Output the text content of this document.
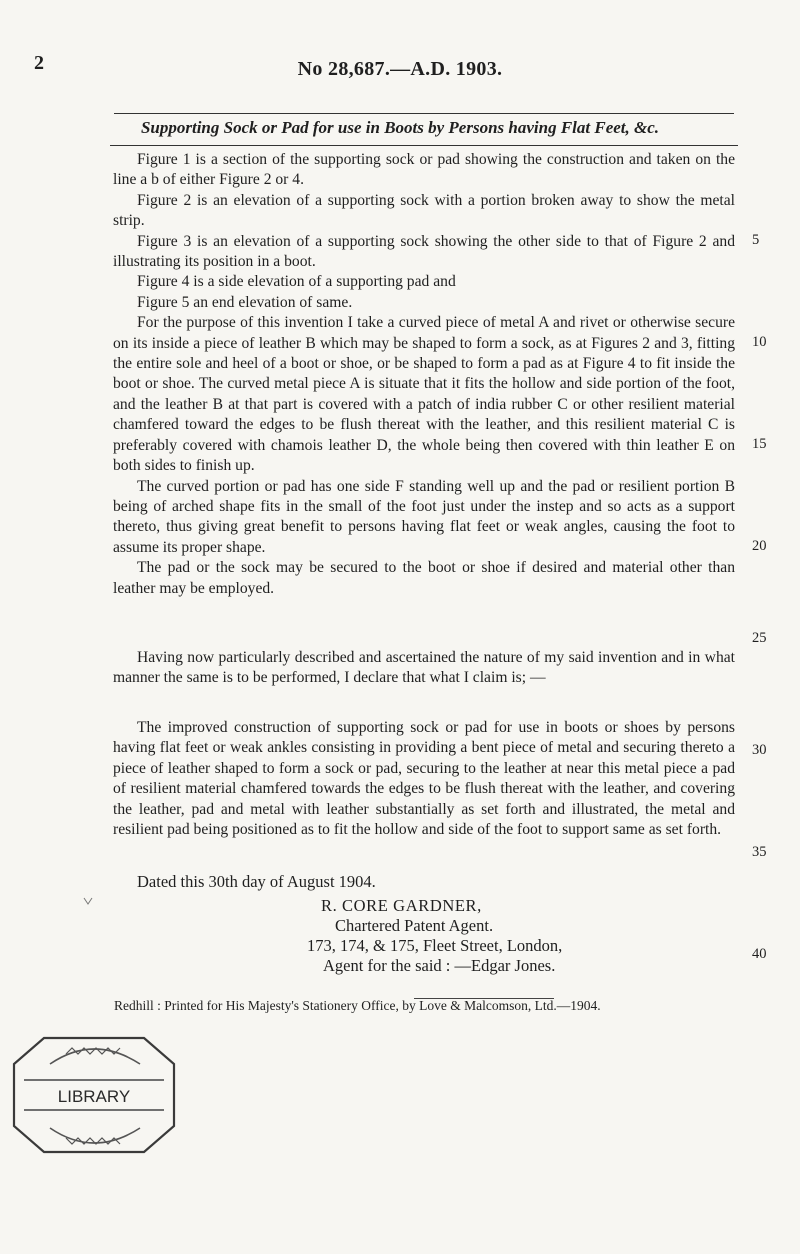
2	No 28,687.—A.D. 1903.
Supporting Sock or Pad for use in Boots by Persons having Flat Feet, &c.

Figure 1 is a section of the supporting sock or pad showing the construction and taken on the line a b of either Figure 2 or 4.

Figure 2 is an elevation of a supporting sock with a portion broken away to show the metal strip.

Figure 3 is an elevation of a supporting sock showing the other side to that of Figure 2 and illustrating its position in a boot.

Figure 4 is a side elevation of a supporting pad and

Figure 5 an end elevation of same.

For the purpose of this invention I take a curved piece of metal A and rivet or otherwise secure on its inside a piece of leather B which may be shaped to form a sock, as at Figures 2 and 3, fitting the entire sole and heel of a boot or shoe, or be shaped to form a pad as at Figure 4 to fit inside the boot or shoe. The curved metal piece A is situate that it fits the hollow and side portion of the foot, and the leather B at that part is covered with a patch of india rubber C or other resilient material chamfered toward the edges to be flush thereat with the leather, and this resilient material C is preferably covered with chamois leather D, the whole being then covered with thin leather E on both sides to finish up.

The curved portion or pad has one side F standing well up and the pad or resilient portion B being of arched shape fits in the small of the foot just under the instep and so acts as a support thereto, thus giving great benefit to persons having flat feet or weak angles, causing the foot to assume its proper shape.

The pad or the sock may be secured to the boot or shoe if desired and material other than leather may be employed.

Having now particularly described and ascertained the nature of my said invention and in what manner the same is to be performed, I declare that what I claim is; —

The improved construction of supporting sock or pad for use in boots or shoes by persons having flat feet or weak ankles consisting in providing a bent piece of metal and securing thereto a piece of leather shaped to form a sock or pad, securing to the leather at near this metal piece a pad of resilient material chamfered towards the edges to be flush thereat with the leather, and covering the leather, pad and metal with leather substantially as set forth and illustrated, the metal and resilient pad being positioned as to fit the hollow and side of the foot to support same as set forth.

Dated this 30th day of August 1904.
R. CORE GARDNER,
Chartered Patent Agent.
173, 174, & 175, Fleet Street, London,
Agent for the said : —Edgar Jones.
5
10
15
20
25
30
35
40
Redhill : Printed for His Majesty's Stationery Office, by Love & Malcomson, Ltd.—1904.
LIBRARY
